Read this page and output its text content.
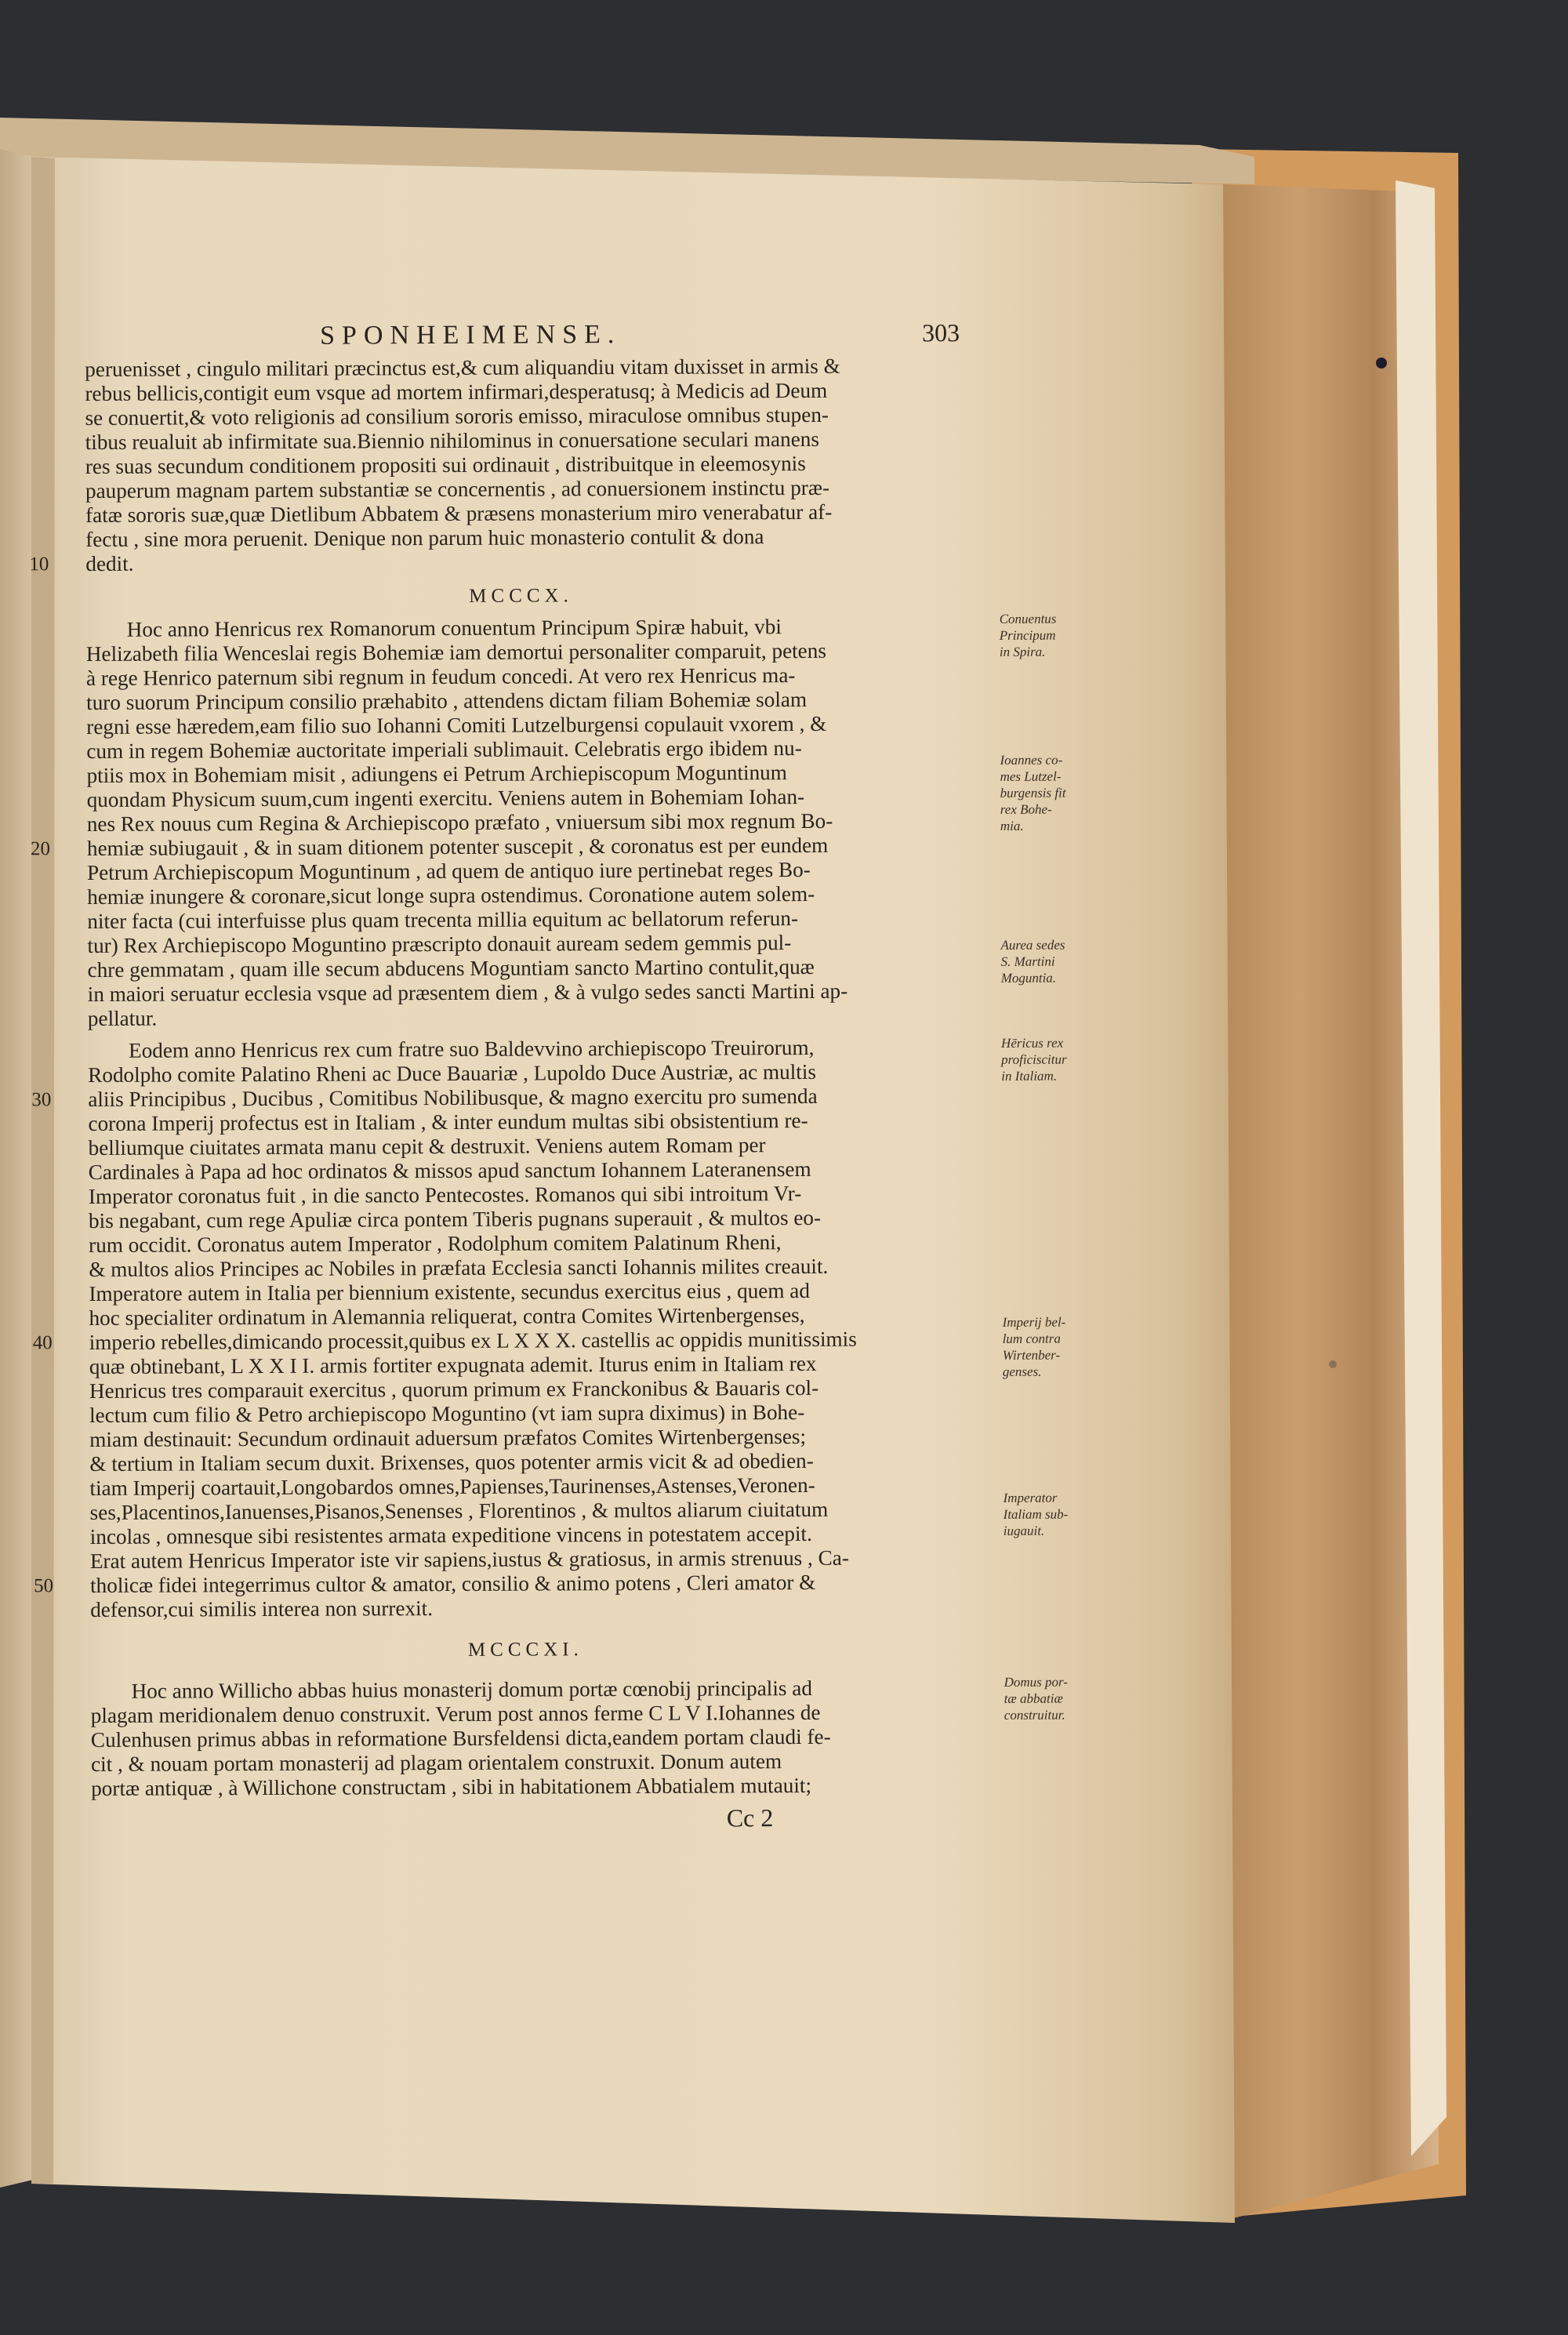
SPONHEIMENSE.	303
peruenisset , cingulo militari præcinctus est,& cum aliquandiu vitam duxisset in armis &
rebus bellicis,contigit eum vsque ad mortem infirmari,desperatusq; à Medicis ad Deum
se conuertit,& voto religionis ad consilium sororis emisso, miraculose omnibus stupen-
tibus reualuit ab infirmitate sua.Biennio nihilominus in conuersatione seculari manens
res suas secundum conditionem propositi sui ordinauit , distribuitque in eleemosynis
pauperum magnam partem substantiæ se concernentis , ad conuersionem instinctu præ-
fatæ sororis suæ,quæ Dietlibum Abbatem & præsens monasterium miro venerabatur af-
fectu , sine mora peruenit. Denique non parum huic monasterio contulit & dona
10 dedit.
MCCCX.
Conuentus
Principum
in Spira.
Ioannes co-
mes Lutzel-
burgensis fit
rex Bohe-
mia.
Aurea sedes
S. Martini
Moguntia.
Hoc anno Henricus rex Romanorum conuentum Principum Spiræ habuit, vbi
Helizabeth filia Wenceslai regis Bohemiæ iam demortui personaliter comparuit, petens
à rege Henrico paternum sibi regnum in feudum concedi. At vero rex Henricus ma-
turo suorum Principum consilio præhabito , attendens dictam filiam Bohemiæ solam
regni esse hæredem,eam filio suo Iohanni Comiti Lutzelburgensi copulauit vxorem , &
cum in regem Bohemiæ auctoritate imperiali sublimauit. Celebratis ergo ibidem nu-
ptiis mox in Bohemiam misit , adiungens ei Petrum Archiepiscopum Moguntinum
quondam Physicum suum,cum ingenti exercitu. Veniens autem in Bohemiam Iohan-
nes Rex nouus cum Regina & Archiepiscopo præfato , vniuersum sibi mox regnum Bo-
20 hemiæ subiugauit , & in suam ditionem potenter suscepit , & coronatus est per eundem
Petrum Archiepiscopum Moguntinum , ad quem de antiquo iure pertinebat reges Bo-
hemiæ inungere & coronare,sicut longe supra ostendimus. Coronatione autem solem-
niter facta (cui interfuisse plus quam trecenta millia equitum ac bellatorum referun-
tur) Rex Archiepiscopo Moguntino præscripto donauit auream sedem gemmis pul-
chre gemmatam , quam ille secum abducens Moguntiam sancto Martino contulit,quæ
in maiori seruatur ecclesia vsque ad præsentem diem , & à vulgo sedes sancti Martini ap-
pellatur.
Hēricus rex
proficiscitur
in Italiam.
Imperij bel-
lum contra
Wirtenber-
genses.
Imperator
Italiam sub-
iugauit.
Eodem anno Henricus rex cum fratre suo Baldevvino archiepiscopo Treuirorum,
Rodolpho comite Palatino Rheni ac Duce Bauariæ , Lupoldo Duce Austriæ, ac multis
30 aliis Principibus , Ducibus , Comitibus Nobilibusque, & magno exercitu pro sumenda
corona Imperij profectus est in Italiam , & inter eundum multas sibi obsistentium re-
belliumque ciuitates armata manu cepit & destruxit. Veniens autem Romam per
Cardinales à Papa ad hoc ordinatos & missos apud sanctum Iohannem Lateranensem
Imperator coronatus fuit , in die sancto Pentecostes. Romanos qui sibi introitum Vr-
bis negabant, cum rege Apuliæ circa pontem Tiberis pugnans superauit , & multos eo-
rum occidit. Coronatus autem Imperator , Rodolphum comitem Palatinum Rheni,
& multos alios Principes ac Nobiles in præfata Ecclesia sancti Iohannis milites creauit.
Imperatore autem in Italia per biennium existente, secundus exercitus eius , quem ad
hoc specialiter ordinatum in Alemannia reliquerat, contra Comites Wirtenbergenses,
40 imperio rebelles,dimicando processit,quibus ex L X X X. castellis ac oppidis munitissimis
quæ obtinebant, L X X I I. armis fortiter expugnata ademit. Iturus enim in Italiam rex
Henricus tres comparauit exercitus , quorum primum ex Franckonibus & Bauaris col-
lectum cum filio & Petro archiepiscopo Moguntino (vt iam supra diximus) in Bohe-
miam destinauit: Secundum ordinauit aduersum præfatos Comites Wirtenbergenses;
& tertium in Italiam secum duxit. Brixenses, quos potenter armis vicit & ad obedien-
tiam Imperij coartauit,Longobardos omnes,Papienses,Taurinenses,Astenses,Veronen-
ses,Placentinos,Ianuenses,Pisanos,Senenses , Florentinos , & multos aliarum ciuitatum
incolas , omnesque sibi resistentes armata expeditione vincens in potestatem accepit.
Erat autem Henricus Imperator iste vir sapiens,iustus & gratiosus, in armis strenuus , Ca-
50 tholicæ fidei integerrimus cultor & amator, consilio & animo potens , Cleri amator &
defensor,cui similis interea non surrexit.
MCCCXI.
Domus por-
tæ abbatiæ
construitur.
Hoc anno Willicho abbas huius monasterij domum portæ cœnobij principalis ad
plagam meridionalem denuo construxit. Verum post annos ferme C L V I.Iohannes de
Culenhusen primus abbas in reformatione Bursfeldensi dicta,eandem portam claudi fe-
cit , & nouam portam monasterij ad plagam orientalem construxit. Donum autem
portæ antiquæ , à Willichone constructam , sibi in habitationem Abbatialem mutauit;
Cc 2
